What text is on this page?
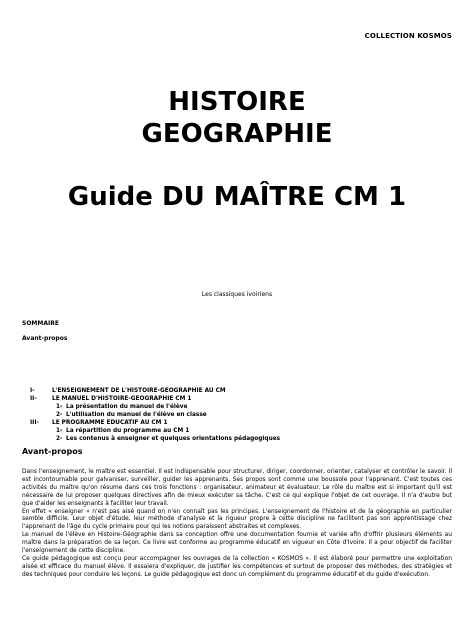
COLLECTION KOSMOS
HISTOIRE
GEOGRAPHIE
Guide DU MAÎTRE CM 1
Les classiques ivoiriens
SOMMAIRE
Avant-propos
I-	L'ENSEIGNEMENT DE L'HISTOIRE-GEOGRAPHIE AU CM
II-	LE MANUEL D'HISTOIRE-GEOGRAPHIE CM 1
1- La présentation du manuel de l'élève
2- L'utilisation du manuel de l'élève en classe
III-	LE PROGRAMME EDUCATIF AU CM 1
1- La répartition du programme au CM 1
2- Les contenus à enseigner et quelques orientations pédagogiques
Avant-propos

Dans l'enseignement, le maître est essentiel. Il est indispensable pour structurer, diriger, coordonner, orienter, catalyser et contrôler le savoir. Il est incontournable pour galvaniser, surveiller, guider les apprenants. Ses propos sont comme une boussole pour l'apprenant. C'est toutes ces activités du maître qu'on résume dans ces trois fonctions : organisateur, animateur et évaluateur. Le rôle du maître est si important qu'il est nécessaire de lui proposer quelques directives afin de mieux exécuter sa tâche. C'est ce qui explique l'objet de cet ouvrage. Il n'a d'autre but que d'aider les enseignants à faciliter leur travail.

En effet « enseigner » n'est pas aisé quand on n'en connaît pas les principes. L'enseignement de l'histoire et de la géographie en particulier semble difficile. Leur objet d'étude, leur méthode d'analyse et la rigueur propre à cette discipline ne facilitent pas son apprentissage chez l'apprenant de l'âge du cycle primaire pour qui les notions paraissent abstraites et complexes.

Le manuel de l'élève en Histoire-Géographie dans sa conception offre une documentation fournie et variée afin d'offrir plusieurs éléments au maître dans la préparation de sa leçon. Ce livre est conforme au programme éducatif en vigueur en Côte d'Ivoire. Il a pour objectif de faciliter l'enseignement de cette discipline.

Ce guide pédagogique est conçu pour accompagner les ouvrages de la collection « KOSMOS ». Il est élaboré pour permettre une exploitation aisée et efficace du manuel élève. Il essaiera d'expliquer, de justifier les compétences et surtout de proposer des méthodes, des stratégies et des techniques pour conduire les leçons. Le guide pédagogique est donc un complément du programme éducatif et du guide d'exécution.
